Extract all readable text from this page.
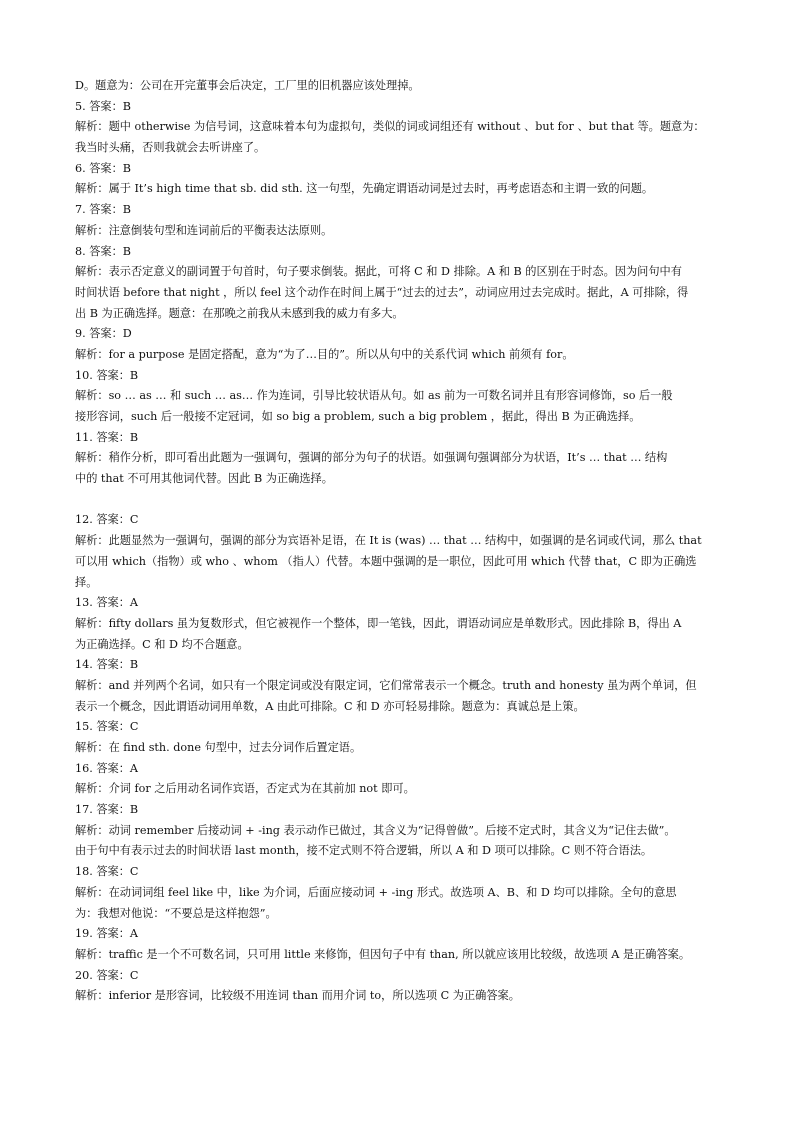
D。题意为：公司在开完董事会后决定，工厂里的旧机器应该处理掉。
5. 答案：B
解析：题中 otherwise 为信号词，这意味着本句为虚拟句，类似的词或词组还有 without 、but for 、but that 等。题意为：
我当时头痛，否则我就会去听讲座了。
6. 答案：B
解析：属于 It’s high time that sb. did sth. 这一句型，先确定谓语动词是过去时，再考虑语态和主谓一致的问题。
7. 答案：B
解析：注意倒装句型和连词前后的平衡表达法原则。
8. 答案：B
解析：表示否定意义的副词置于句首时，句子要求倒装。据此，可将 C 和 D 排除。A 和 B 的区别在于时态。因为问句中有
时间状语 before that night ，所以 feel 这个动作在时间上属于“过去的过去”，动词应用过去完成时。据此，A 可排除，得
出 B 为正确选择。题意：在那晚之前我从未感到我的威力有多大。
9. 答案：D
解析：for a purpose 是固定搭配，意为“为了…目的”。所以从句中的关系代词 which 前须有 for。
10. 答案：B
解析：so … as … 和 such … as… 作为连词，引导比较状语从句。如 as 前为一可数名词并且有形容词修饰，so 后一般
接形容词，such 后一般接不定冠词，如 so big a problem, such a big problem ，据此，得出 B 为正确选择。
11. 答案：B
解析：稍作分析，即可看出此题为一强调句，强调的部分为句子的状语。如强调句强调部分为状语，It’s … that … 结构
中的 that 不可用其他词代替。因此 B 为正确选择。
12. 答案：C
解析：此题显然为一强调句，强调的部分为宾语补足语，在 It is (was) … that … 结构中，如强调的是名词或代词，那么 that
可以用 which（指物）或 who 、whom （指人）代替。本题中强调的是一职位，因此可用 which 代替 that，C 即为正确选
择。
13. 答案：A
解析：fifty dollars 虽为复数形式，但它被视作一个整体，即一笔钱，因此，谓语动词应是单数形式。因此排除 B，得出 A
为正确选择。C 和 D 均不合题意。
14. 答案：B
解析：and 并列两个名词，如只有一个限定词或没有限定词，它们常常表示一个概念。truth and honesty 虽为两个单词，但
表示一个概念，因此谓语动词用单数，A 由此可排除。C 和 D 亦可轻易排除。题意为：真诚总是上策。
15. 答案：C
解析：在 find sth. done 句型中，过去分词作后置定语。
16. 答案：A
解析：介词 for 之后用动名词作宾语，否定式为在其前加 not 即可。
17. 答案：B
解析：动词 remember 后接动词 + -ing 表示动作已做过，其含义为“记得曾做”。后接不定式时，其含义为“记住去做”。
由于句中有表示过去的时间状语 last month，接不定式则不符合逻辑，所以 A 和 D 项可以排除。C 则不符合语法。
18. 答案：C
解析：在动词词组 feel like 中，like 为介词，后面应接动词 + -ing 形式。故选项 A、B、和 D 均可以排除。全句的意思
为：我想对他说：“不要总是这样抱怨”。
19. 答案：A
解析：traffic 是一个不可数名词，只可用 little 来修饰，但因句子中有 than, 所以就应该用比较级，故选项 A 是正确答案。
20. 答案：C
解析：inferior 是形容词，比较级不用连词 than 而用介词 to，所以选项 C 为正确答案。
